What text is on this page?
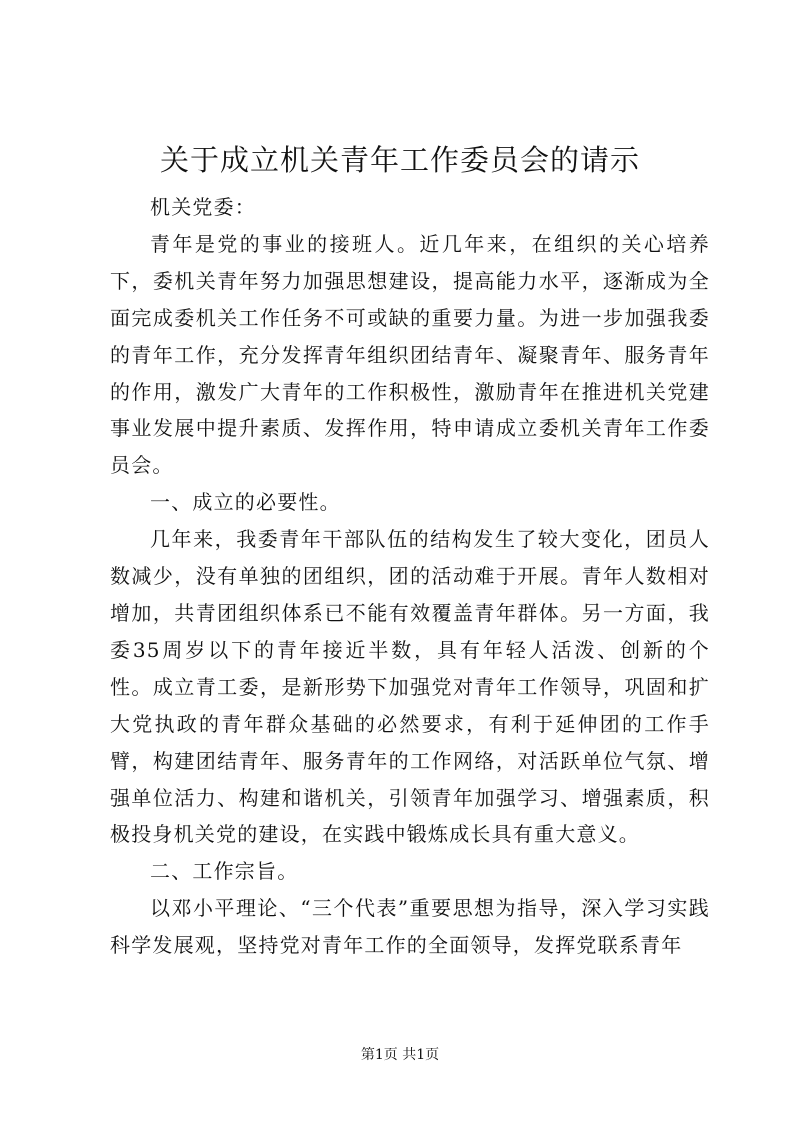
关于成立机关青年工作委员会的请示

机关党委：

青年是党的事业的接班人。近几年来，在组织的关心培养下，委机关青年努力加强思想建设，提高能力水平，逐渐成为全面完成委机关工作任务不可或缺的重要力量。为进一步加强我委的青年工作，充分发挥青年组织团结青年、凝聚青年、服务青年的作用，激发广大青年的工作积极性，激励青年在推进机关党建事业发展中提升素质、发挥作用，特申请成立委机关青年工作委员会。

一、成立的必要性。

几年来，我委青年干部队伍的结构发生了较大变化，团员人数减少，没有单独的团组织，团的活动难于开展。青年人数相对增加，共青团组织体系已不能有效覆盖青年群体。另一方面，我委35周岁以下的青年接近半数，具有年轻人活泼、创新的个性。成立青工委，是新形势下加强党对青年工作领导，巩固和扩大党执政的青年群众基础的必然要求，有利于延伸团的工作手臂，构建团结青年、服务青年的工作网络，对活跃单位气氛、增强单位活力、构建和谐机关，引领青年加强学习、增强素质，积极投身机关党的建设，在实践中锻炼成长具有重大意义。

二、工作宗旨。

以邓小平理论、“三个代表”重要思想为指导，深入学习实践科学发展观，坚持党对青年工作的全面领导，发挥党联系青年

第1页 共1页
